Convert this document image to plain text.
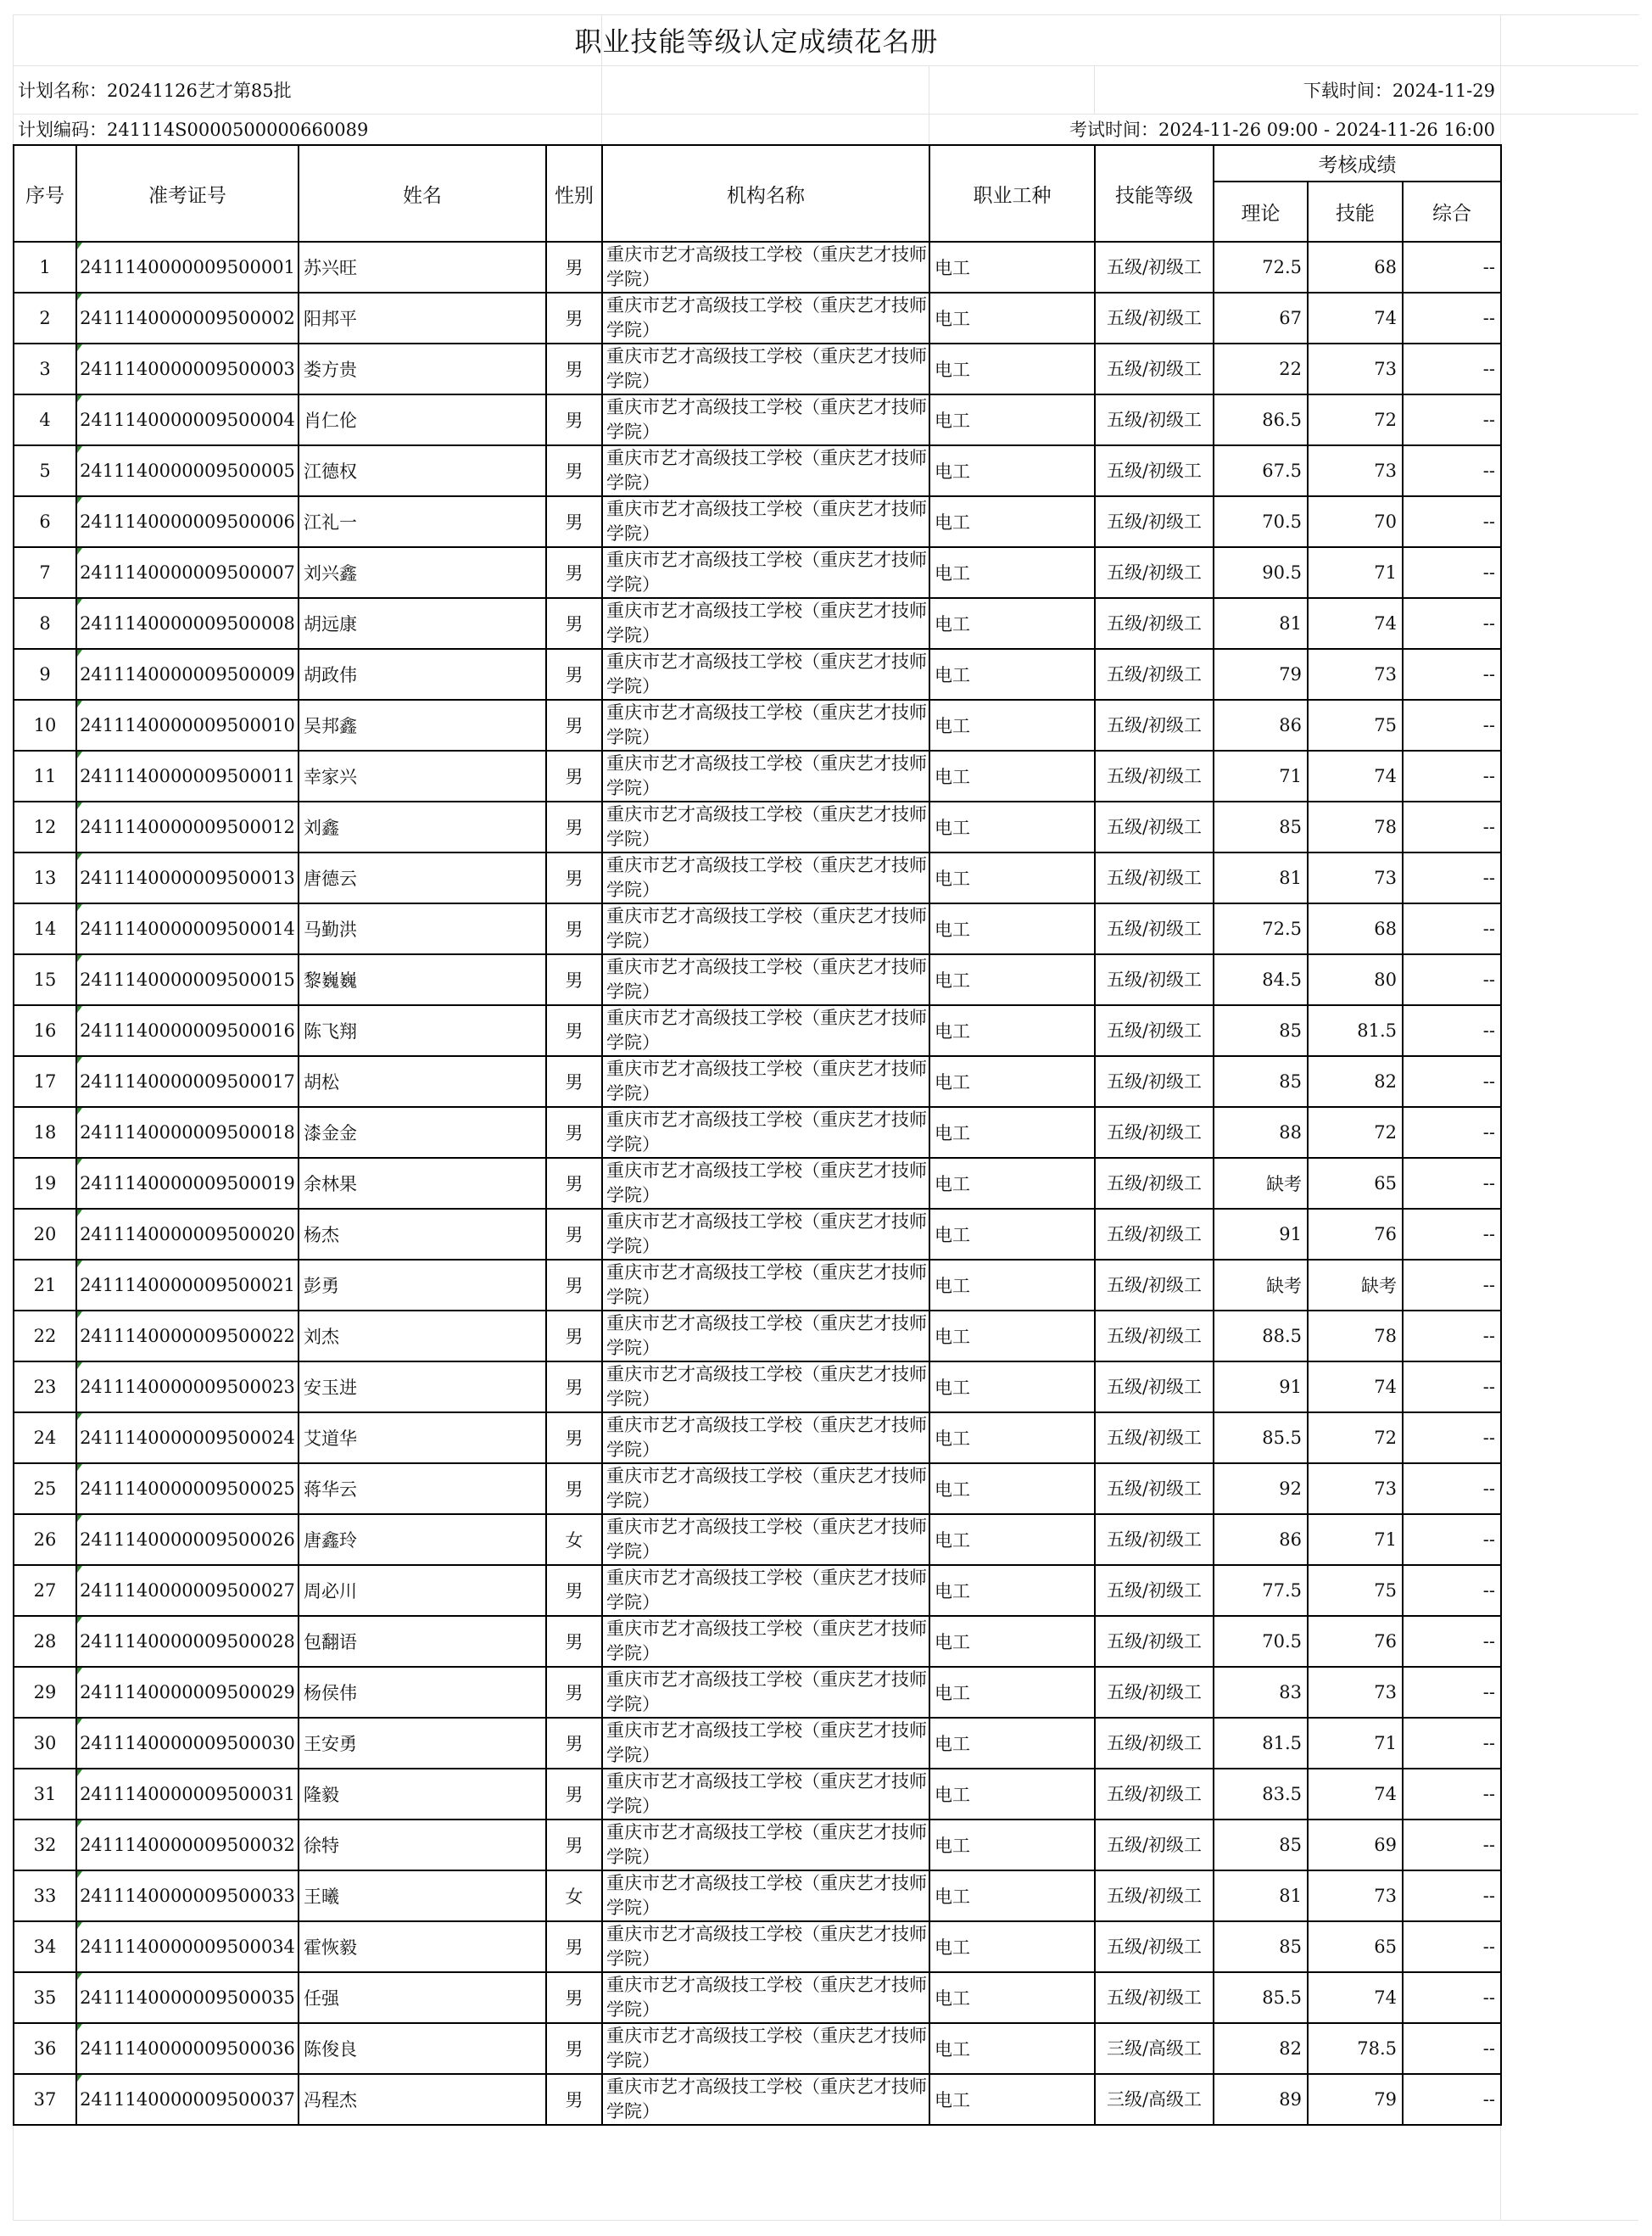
职业技能等级认定成绩花名册
计划名称：20241126艺才第85批	下载时间：2024-11-29
计划编码：241114S0000500000660089	考试时间：2024-11-26 09:00 - 2024-11-26 16:00
序号	准考证号	姓名	性别	机构名称	职业工种	技能等级	考核成绩		
							理论	技能	综合
1	2411140000009500001	苏兴旺	男	重庆市艺才高级技工学校（重庆艺才技师学院）	电工	五级/初级工	72.5	68	--
2	2411140000009500002	阳邦平	男	重庆市艺才高级技工学校（重庆艺才技师学院）	电工	五级/初级工	67	74	--
3	2411140000009500003	娄方贵	男	重庆市艺才高级技工学校（重庆艺才技师学院）	电工	五级/初级工	22	73	--
4	2411140000009500004	肖仁伦	男	重庆市艺才高级技工学校（重庆艺才技师学院）	电工	五级/初级工	86.5	72	--
5	2411140000009500005	江德权	男	重庆市艺才高级技工学校（重庆艺才技师学院）	电工	五级/初级工	67.5	73	--
6	2411140000009500006	江礼一	男	重庆市艺才高级技工学校（重庆艺才技师学院）	电工	五级/初级工	70.5	70	--
7	2411140000009500007	刘兴鑫	男	重庆市艺才高级技工学校（重庆艺才技师学院）	电工	五级/初级工	90.5	71	--
8	2411140000009500008	胡远康	男	重庆市艺才高级技工学校（重庆艺才技师学院）	电工	五级/初级工	81	74	--
9	2411140000009500009	胡政伟	男	重庆市艺才高级技工学校（重庆艺才技师学院）	电工	五级/初级工	79	73	--
10	2411140000009500010	吴邦鑫	男	重庆市艺才高级技工学校（重庆艺才技师学院）	电工	五级/初级工	86	75	--
11	2411140000009500011	幸家兴	男	重庆市艺才高级技工学校（重庆艺才技师学院）	电工	五级/初级工	71	74	--
12	2411140000009500012	刘鑫	男	重庆市艺才高级技工学校（重庆艺才技师学院）	电工	五级/初级工	85	78	--
13	2411140000009500013	唐德云	男	重庆市艺才高级技工学校（重庆艺才技师学院）	电工	五级/初级工	81	73	--
14	2411140000009500014	马勤洪	男	重庆市艺才高级技工学校（重庆艺才技师学院）	电工	五级/初级工	72.5	68	--
15	2411140000009500015	黎巍巍	男	重庆市艺才高级技工学校（重庆艺才技师学院）	电工	五级/初级工	84.5	80	--
16	2411140000009500016	陈飞翔	男	重庆市艺才高级技工学校（重庆艺才技师学院）	电工	五级/初级工	85	81.5	--
17	2411140000009500017	胡松	男	重庆市艺才高级技工学校（重庆艺才技师学院）	电工	五级/初级工	85	82	--
18	2411140000009500018	漆金金	男	重庆市艺才高级技工学校（重庆艺才技师学院）	电工	五级/初级工	88	72	--
19	2411140000009500019	余林果	男	重庆市艺才高级技工学校（重庆艺才技师学院）	电工	五级/初级工	缺考	65	--
20	2411140000009500020	杨杰	男	重庆市艺才高级技工学校（重庆艺才技师学院）	电工	五级/初级工	91	76	--
21	2411140000009500021	彭勇	男	重庆市艺才高级技工学校（重庆艺才技师学院）	电工	五级/初级工	缺考	缺考	--
22	2411140000009500022	刘杰	男	重庆市艺才高级技工学校（重庆艺才技师学院）	电工	五级/初级工	88.5	78	--
23	2411140000009500023	安玉进	男	重庆市艺才高级技工学校（重庆艺才技师学院）	电工	五级/初级工	91	74	--
24	2411140000009500024	艾道华	男	重庆市艺才高级技工学校（重庆艺才技师学院）	电工	五级/初级工	85.5	72	--
25	2411140000009500025	蒋华云	男	重庆市艺才高级技工学校（重庆艺才技师学院）	电工	五级/初级工	92	73	--
26	2411140000009500026	唐鑫玲	女	重庆市艺才高级技工学校（重庆艺才技师学院）	电工	五级/初级工	86	71	--
27	2411140000009500027	周必川	男	重庆市艺才高级技工学校（重庆艺才技师学院）	电工	五级/初级工	77.5	75	--
28	2411140000009500028	包翻语	男	重庆市艺才高级技工学校（重庆艺才技师学院）	电工	五级/初级工	70.5	76	--
29	2411140000009500029	杨侯伟	男	重庆市艺才高级技工学校（重庆艺才技师学院）	电工	五级/初级工	83	73	--
30	2411140000009500030	王安勇	男	重庆市艺才高级技工学校（重庆艺才技师学院）	电工	五级/初级工	81.5	71	--
31	2411140000009500031	隆毅	男	重庆市艺才高级技工学校（重庆艺才技师学院）	电工	五级/初级工	83.5	74	--
32	2411140000009500032	徐特	男	重庆市艺才高级技工学校（重庆艺才技师学院）	电工	五级/初级工	85	69	--
33	2411140000009500033	王曦	女	重庆市艺才高级技工学校（重庆艺才技师学院）	电工	五级/初级工	81	73	--
34	2411140000009500034	霍恢毅	男	重庆市艺才高级技工学校（重庆艺才技师学院）	电工	五级/初级工	85	65	--
35	2411140000009500035	任强	男	重庆市艺才高级技工学校（重庆艺才技师学院）	电工	五级/初级工	85.5	74	--
36	2411140000009500036	陈俊良	男	重庆市艺才高级技工学校（重庆艺才技师学院）	电工	三级/高级工	82	78.5	--
37	2411140000009500037	冯程杰	男	重庆市艺才高级技工学校（重庆艺才技师学院）	电工	三级/高级工	89	79	--
